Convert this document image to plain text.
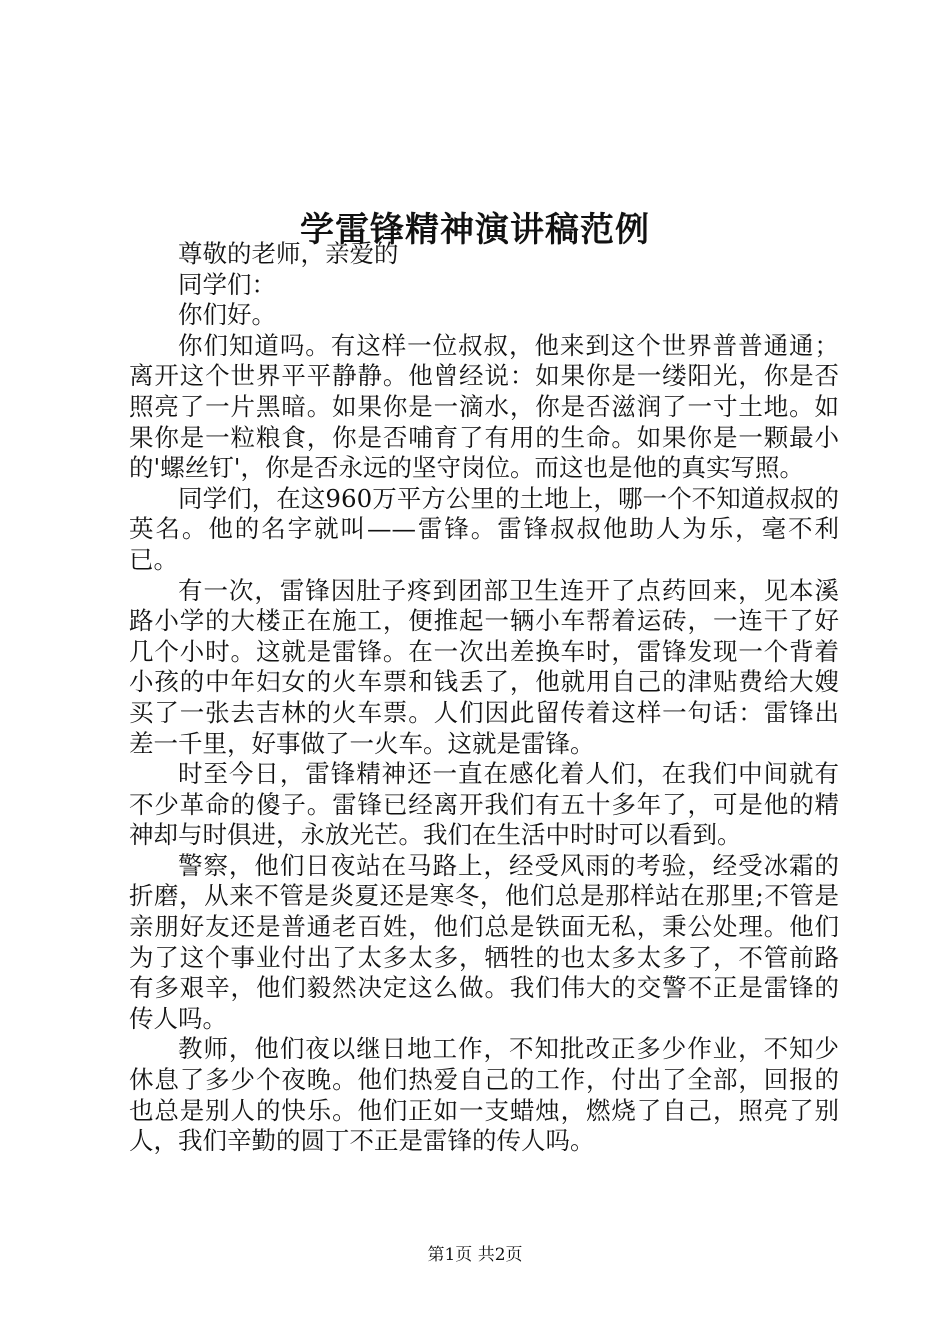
学雷锋精神演讲稿范例

尊敬的老师，亲爱的

同学们：

你们好。

你们知道吗。有这样一位叔叔，他来到这个世界普普通通；离开这个世界平平静静。他曾经说：如果你是一缕阳光，你是否照亮了一片黑暗。如果你是一滴水，你是否滋润了一寸土地。如果你是一粒粮食，你是否哺育了有用的生命。如果你是一颗最小的'螺丝钉'，你是否永远的坚守岗位。而这也是他的真实写照。

同学们，在这960万平方公里的土地上，哪一个不知道叔叔的英名。他的名字就叫——雷锋。雷锋叔叔他助人为乐，毫不利已。

有一次，雷锋因肚子疼到团部卫生连开了点药回来，见本溪路小学的大楼正在施工，便推起一辆小车帮着运砖，一连干了好几个小时。这就是雷锋。在一次出差换车时，雷锋发现一个背着小孩的中年妇女的火车票和钱丢了，他就用自己的津贴费给大嫂买了一张去吉林的火车票。人们因此留传着这样一句话：雷锋出差一千里，好事做了一火车。这就是雷锋。

时至今日，雷锋精神还一直在感化着人们，在我们中间就有不少革命的傻子。雷锋已经离开我们有五十多年了，可是他的精神却与时俱进，永放光芒。我们在生活中时时可以看到。

警察，他们日夜站在马路上，经受风雨的考验，经受冰霜的折磨，从来不管是炎夏还是寒冬，他们总是那样站在那里;不管是亲朋好友还是普通老百姓，他们总是铁面无私，秉公处理。他们为了这个事业付出了太多太多，牺牲的也太多太多了，不管前路有多艰辛，他们毅然决定这么做。我们伟大的交警不正是雷锋的传人吗。

教师，他们夜以继日地工作，不知批改正多少作业，不知少休息了多少个夜晚。他们热爱自己的工作，付出了全部，回报的也总是别人的快乐。他们正如一支蜡烛，燃烧了自己，照亮了别人，我们辛勤的圆丁不正是雷锋的传人吗。

第1页 共2页
